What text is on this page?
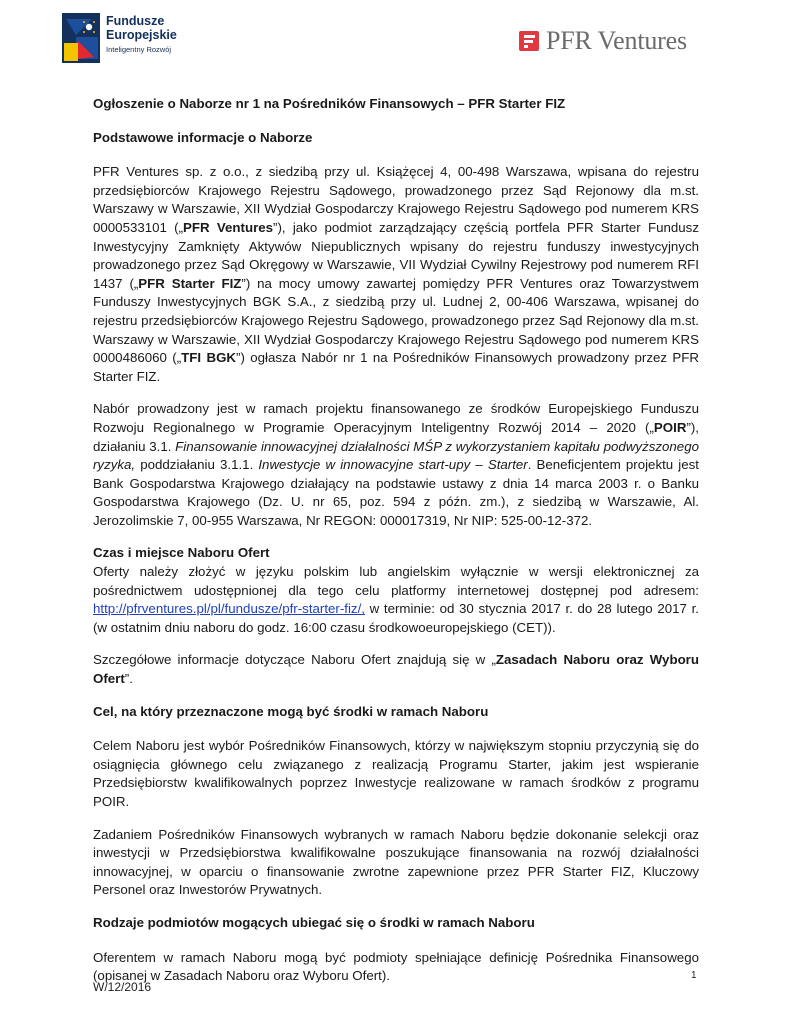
Fundusze
Europejskie
Inteligentny Rozwój	PFR Ventures

Ogłoszenie o Naborze nr 1 na Pośredników Finansowych – PFR Starter FIZ

Podstawowe informacje o Naborze

PFR Ventures sp. z o.o., z siedzibą przy ul. Książęcej 4, 00-498 Warszawa, wpisana do rejestru przedsiębiorców Krajowego Rejestru Sądowego, prowadzonego przez Sąd Rejonowy dla m.st. Warszawy w Warszawie, XII Wydział Gospodarczy Krajowego Rejestru Sądowego pod numerem KRS 0000533101 („PFR Ventures”), jako podmiot zarządzający częścią portfela PFR Starter Fundusz Inwestycyjny Zamknięty Aktywów Niepublicznych wpisany do rejestru funduszy inwestycyjnych prowadzonego przez Sąd Okręgowy w Warszawie, VII Wydział Cywilny Rejestrowy pod numerem RFI 1437 („PFR Starter FIZ”) na mocy umowy zawartej pomiędzy PFR Ventures oraz Towarzystwem Funduszy Inwestycyjnych BGK S.A., z siedzibą przy ul. Ludnej 2, 00-406 Warszawa, wpisanej do rejestru przedsiębiorców Krajowego Rejestru Sądowego, prowadzonego przez Sąd Rejonowy dla m.st. Warszawy w Warszawie, XII Wydział Gospodarczy Krajowego Rejestru Sądowego pod numerem KRS 0000486060 („TFI BGK”) ogłasza Nabór nr 1 na Pośredników Finansowych prowadzony przez PFR Starter FIZ.

Nabór prowadzony jest w ramach projektu finansowanego ze środków Europejskiego Funduszu Rozwoju Regionalnego w Programie Operacyjnym Inteligentny Rozwój 2014 – 2020 („POIR”), działaniu 3.1. Finansowanie innowacyjnej działalności MŚP z wykorzystaniem kapitału podwyższonego ryzyka, poddziałaniu 3.1.1. Inwestycje w innowacyjne start-upy – Starter. Beneficjentem projektu jest Bank Gospodarstwa Krajowego działający na podstawie ustawy z dnia 14 marca 2003 r. o Banku Gospodarstwa Krajowego (Dz. U. nr 65, poz. 594 z późn. zm.), z siedzibą w Warszawie, Al. Jerozolimskie 7, 00-955 Warszawa, Nr REGON: 000017319, Nr NIP: 525-00-12-372.

Czas i miejsce Naboru Ofert

Oferty należy złożyć w języku polskim lub angielskim wyłącznie w wersji elektronicznej za pośrednictwem udostępnionej dla tego celu platformy internetowej dostępnej pod adresem: http://pfrventures.pl/pl/fundusze/pfr-starter-fiz/, w terminie: od 30 stycznia 2017 r. do 28 lutego 2017 r. (w ostatnim dniu naboru do godz. 16:00 czasu środkowoeuropejskiego (CET)).

Szczegółowe informacje dotyczące Naboru Ofert znajdują się w „Zasadach Naboru oraz Wyboru Ofert”.

Cel, na który przeznaczone mogą być środki w ramach Naboru

Celem Naboru jest wybór Pośredników Finansowych, którzy w największym stopniu przyczynią się do osiągnięcia głównego celu związanego z realizacją Programu Starter, jakim jest wspieranie Przedsiębiorstw kwalifikowalnych poprzez Inwestycje realizowane w ramach środków z programu POIR.

Zadaniem Pośredników Finansowych wybranych w ramach Naboru będzie dokonanie selekcji oraz inwestycji w Przedsiębiorstwa kwalifikowalne poszukujące finansowania na rozwój działalności innowacyjnej, w oparciu o finansowanie zwrotne zapewnione przez PFR Starter FIZ, Kluczowy Personel oraz Inwestorów Prywatnych.

Rodzaje podmiotów mogących ubiegać się o środki w ramach Naboru

Oferentem w ramach Naboru mogą być podmioty spełniające definicję Pośrednika Finansowego (opisanej w Zasadach Naboru oraz Wyboru Ofert).	1
W/12/2016
